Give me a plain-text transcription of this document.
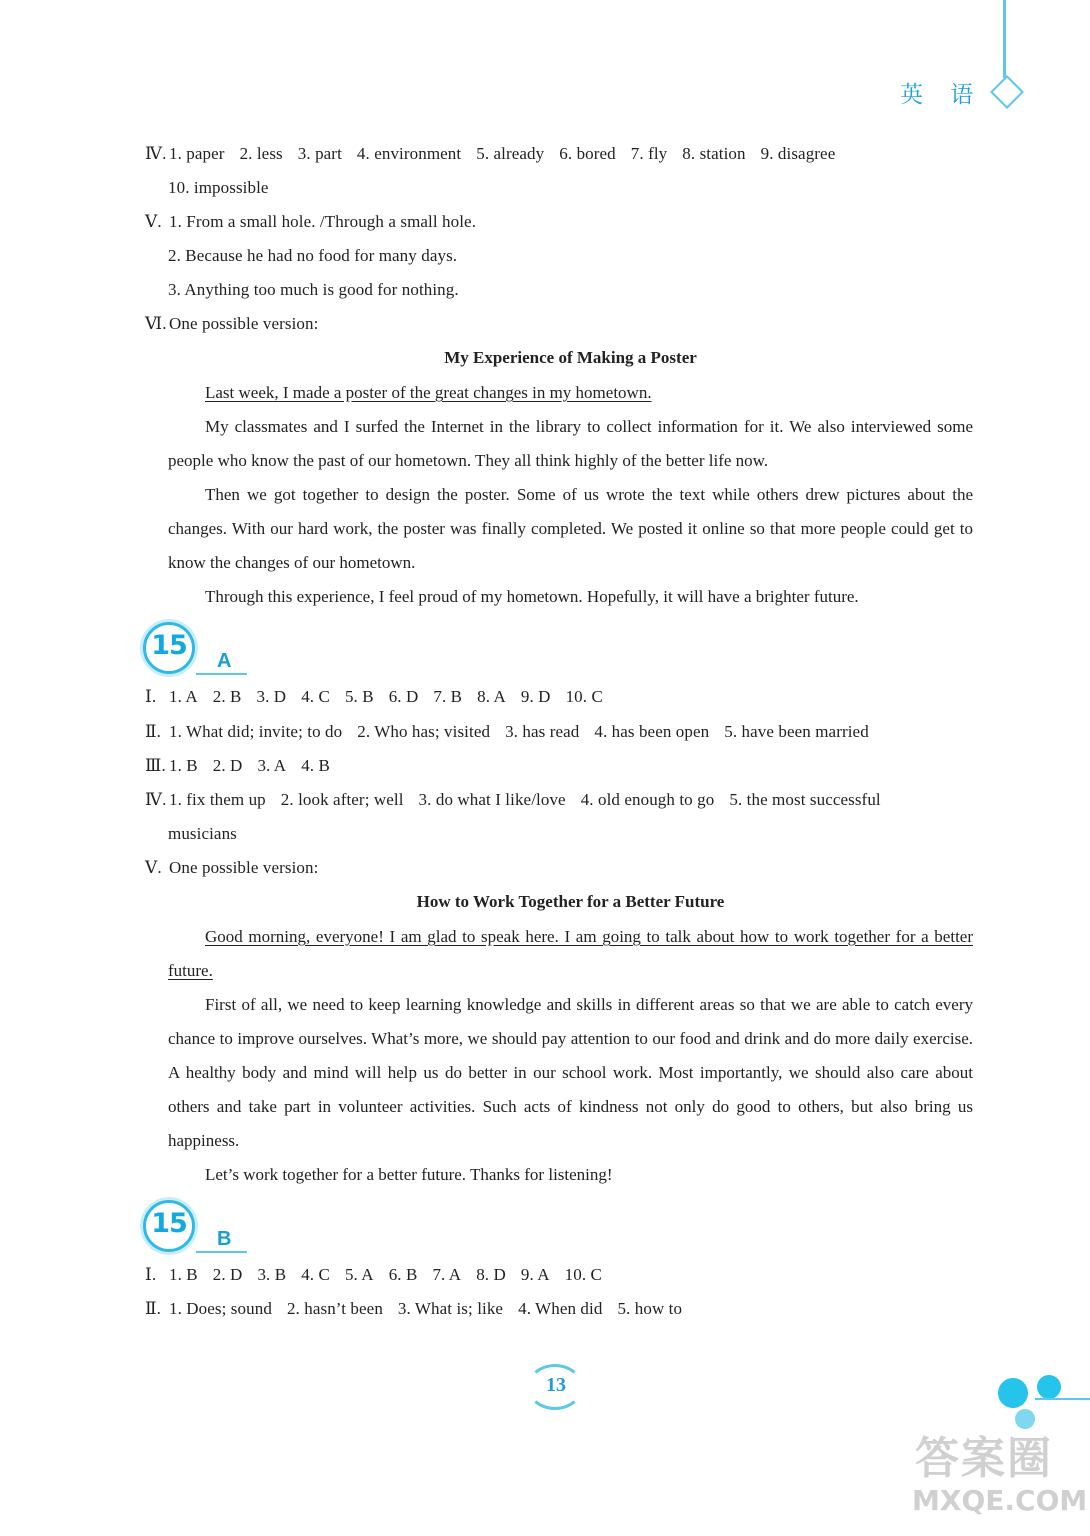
英 语
Ⅳ. 1. paper 2. less 3. part 4. environment 5. already 6. bored 7. fly 8. station 9. disagree
10. impossible
Ⅴ. 1. From a small hole. /Through a small hole.
2. Because he had no food for many days.
3. Anything too much is good for nothing.
Ⅵ. One possible version:
My Experience of Making a Poster
Last week, I made a poster of the great changes in my hometown.
My classmates and I surfed the Internet in the library to collect information for it. We also interviewed some people who know the past of our hometown. They all think highly of the better life now.
Then we got together to design the poster. Some of us wrote the text while others drew pictures about the changes. With our hard work, the poster was finally completed. We posted it online so that more people could get to know the changes of our hometown.
Through this experience, I feel proud of my hometown. Hopefully, it will have a brighter future.
15	A
Ⅰ. 1. A 2. B 3. D 4. C 5. B 6. D 7. B 8. A 9. D 10. C
Ⅱ. 1. What did; invite; to do 2. Who has; visited 3. has read 4. has been open 5. have been married
Ⅲ. 1. B 2. D 3. A 4. B
Ⅳ. 1. fix them up 2. look after; well 3. do what I like/love 4. old enough to go 5. the most successful
musicians
Ⅴ. One possible version:
How to Work Together for a Better Future
Good morning, everyone! I am glad to speak here. I am going to talk about how to work together for a better future.
First of all, we need to keep learning knowledge and skills in different areas so that we are able to catch every chance to improve ourselves. What’s more, we should pay attention to our food and drink and do more daily exercise. A healthy body and mind will help us do better in our school work. Most importantly, we should also care about others and take part in volunteer activities. Such acts of kindness not only do good to others, but also bring us happiness.
Let’s work together for a better future. Thanks for listening!
15	B
Ⅰ. 1. B 2. D 3. B 4. C 5. A 6. B 7. A 8. D 9. A 10. C
Ⅱ. 1. Does; sound 2. hasn’t been 3. What is; like 4. When did 5. how to
13
答案圈
MXQE.COM
